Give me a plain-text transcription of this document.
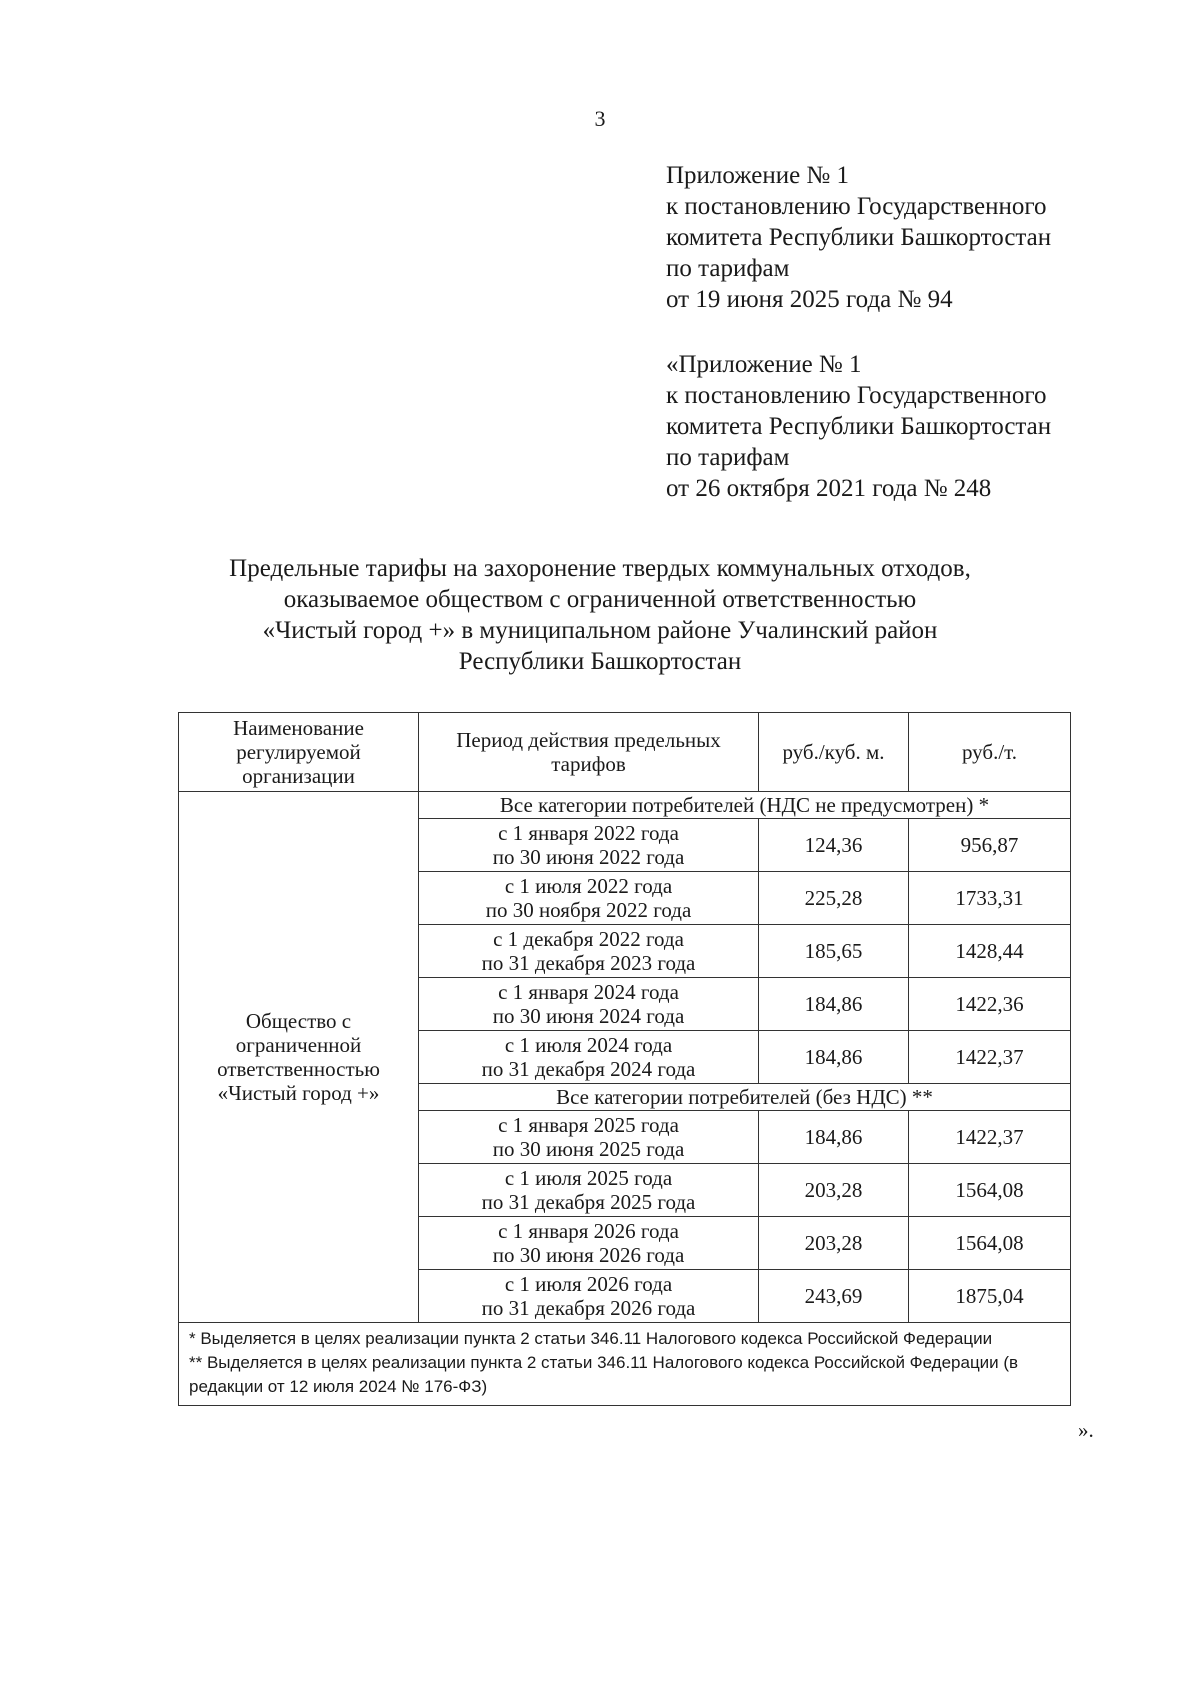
3
Приложение № 1
к постановлению Государственного
комитета Республики Башкортостан
по тарифам
от 19 июня 2025 года № 94
«Приложение № 1
к постановлению Государственного
комитета Республики Башкортостан
по тарифам
от 26 октября 2021 года № 248
Предельные тарифы на захоронение твердых коммунальных отходов,
оказываемое обществом с ограниченной ответственностью
«Чистый город +» в муниципальном районе Учалинский район
Республики Башкортостан
Наименование регулируемой организации	Период действия предельных тарифов	руб./куб. м.	руб./т.
Общество с ограниченной ответственностью «Чистый город +»	Все категории потребителей (НДС не предусмотрен) *		

	с 1 января 2022 года
по 30 июня 2022 года	124,36	956,87

	с 1 июля 2022 года
по 30 ноября 2022 года	225,28	1733,31

	с 1 декабря 2022 года
по 31 декабря 2023 года	185,65	1428,44

	с 1 января 2024 года
по 30 июня 2024 года	184,86	1422,36

	с 1 июля 2024 года
по 31 декабря 2024 года	184,86	1422,37
	Все категории потребителей (без НДС) **		

	с 1 января 2025 года
по 30 июня 2025 года	184,86	1422,37

	с 1 июля 2025 года
по 31 декабря 2025 года	203,28	1564,08

	с 1 января 2026 года
по 30 июня 2026 года	203,28	1564,08

	с 1 июля 2026 года
по 31 декабря 2026 года	243,69	1875,04

* Выделяется в целях реализации пункта 2 статьи 346.11 Налогового кодекса Российской Федерации
** Выделяется в целях реализации пункта 2 статьи 346.11 Налогового кодекса Российской Федерации (в редакции от 12 июля 2024 № 176-ФЗ)			
».
